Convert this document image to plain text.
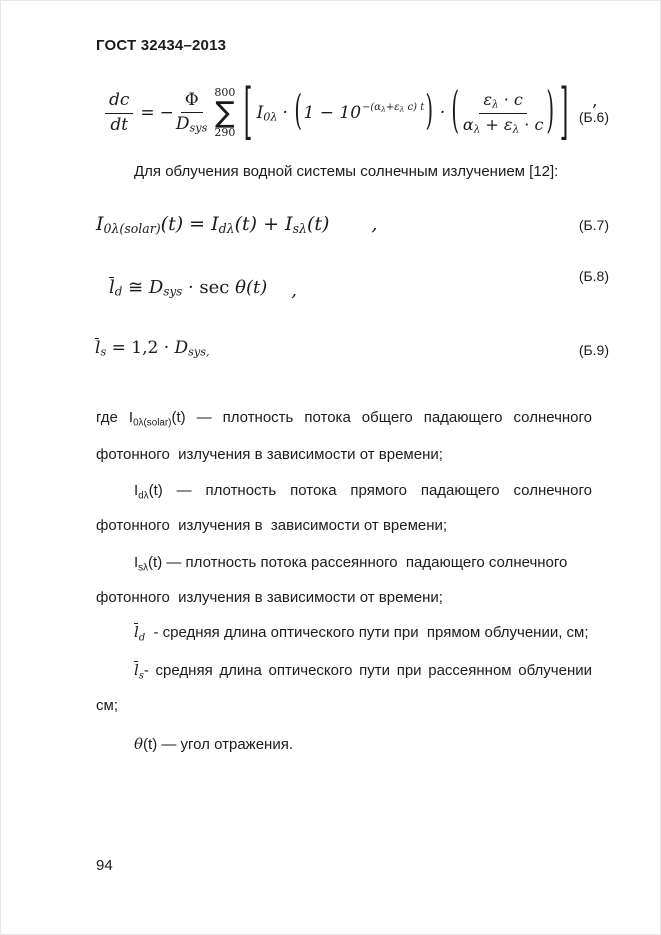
ГОСТ 32434–2013
$\frac{dc}{dt}$ = − $\frac{\Phi}{\text{Dsys}} 800$
∑
290 [ I0λ · ( 1 − 10−(αλ+ελ c) t ) · ( $\frac{\varepsilon\lambda \cdot c}{\alpha\lambda + \varepsilon\lambda \cdot c}$ ) ] ,
(Б.6)

Для облучения водной системы солнечным излучением [12]:

I0λ(solar)(t) = Idλ(t) + Isλ(t) ,	(Б.7)
ld ≅ Dsys · sec θ(t) ,
(Б.8)
ls = 1,2 · Dsys,	(Б.9)
где $I_{0\lambda(solar)}(t)$ — плотность потока общего падающего солнечного
фотонного  излучения в зависимости от времени;
$I_{d\lambda}(t)$ — плотность потока прямого падающего солнечного
фотонного  излучения в  зависимости от времени;
$I_{s\lambda}(t)$ — плотность потока рассеянного  падающего солнечного
фотонного  излучения в зависимости от времени;
$l_d$  - средняя длина оптического пути при  прямом облучении, см;
$l_s-$ средняя длина оптического пути при рассеянном облучении
см;
θ(t) — угол отражения.
94
